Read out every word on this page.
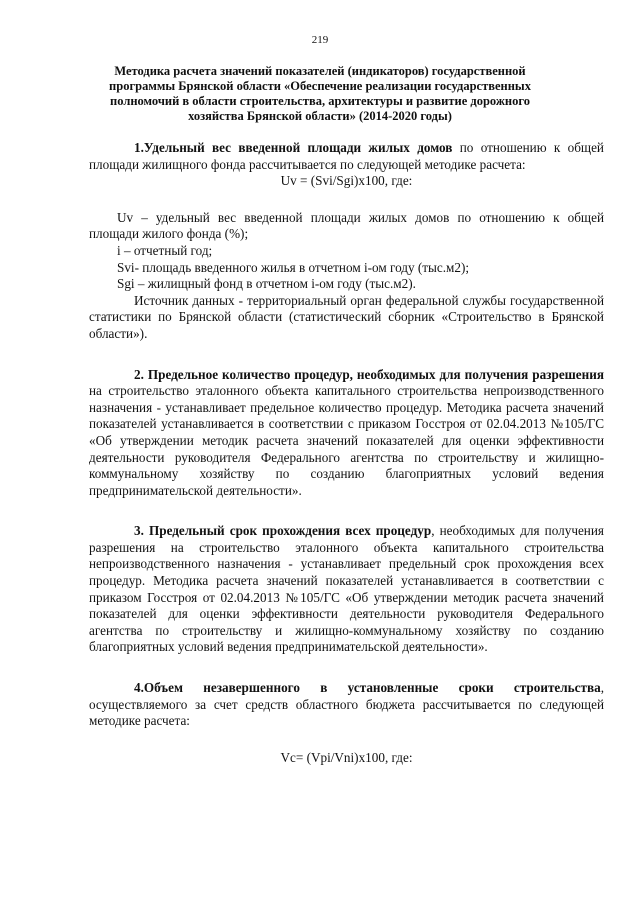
219
Методика расчета значений показателей (индикаторов) государственной программы Брянской области «Обеспечение реализации государственных полномочий в области строительства, архитектуры и развитие дорожного хозяйства Брянской области» (2014-2020 годы)

1.Удельный вес введенной площади жилых домов по отношению к общей площади жилищного фонда рассчитывается по следующей методике расчета:

Uv = (Svi/Sgi)x100, где:

Uv – удельный вес введенной площади жилых домов по отношению к общей площади жилого фонда (%);

i – отчетный год;

Svi- площадь введенного жилья в отчетном i-ом году (тыс.м2);

Sgi – жилищный фонд в отчетном i-ом году (тыс.м2).

Источник данных - территориальный орган федеральной службы государственной статистики по Брянской области (статистический сборник «Строительство в Брянской области»).

2. Предельное количество процедур, необходимых для получения разрешения на строительство эталонного объекта капитального строительства непроизводственного назначения - устанавливает предельное количество процедур. Методика расчета значений показателей устанавливается в соответствии с приказом Госстроя от 02.04.2013 №105/ГС «Об утверждении методик расчета значений показателей для оценки эффективности деятельности руководителя Федерального агентства по строительству и жилищно-коммунальному хозяйству по созданию благоприятных условий ведения предпринимательской деятельности».

3. Предельный срок прохождения всех процедур, необходимых для получения разрешения на строительство эталонного объекта капитального строительства непроизводственного назначения - устанавливает предельный срок прохождения всех процедур. Методика расчета значений показателей устанавливается в соответствии с приказом Госстроя от 02.04.2013 №105/ГС «Об утверждении методик расчета значений показателей для оценки эффективности деятельности руководителя Федерального агентства по строительству и жилищно-коммунальному хозяйству по созданию благоприятных условий ведения предпринимательской деятельности».

4.Объем незавершенного в установленные сроки строительства, осуществляемого за счет средств областного бюджета рассчитывается по следующей методике расчета:

Vc= (Vpi/Vni)x100, где:
